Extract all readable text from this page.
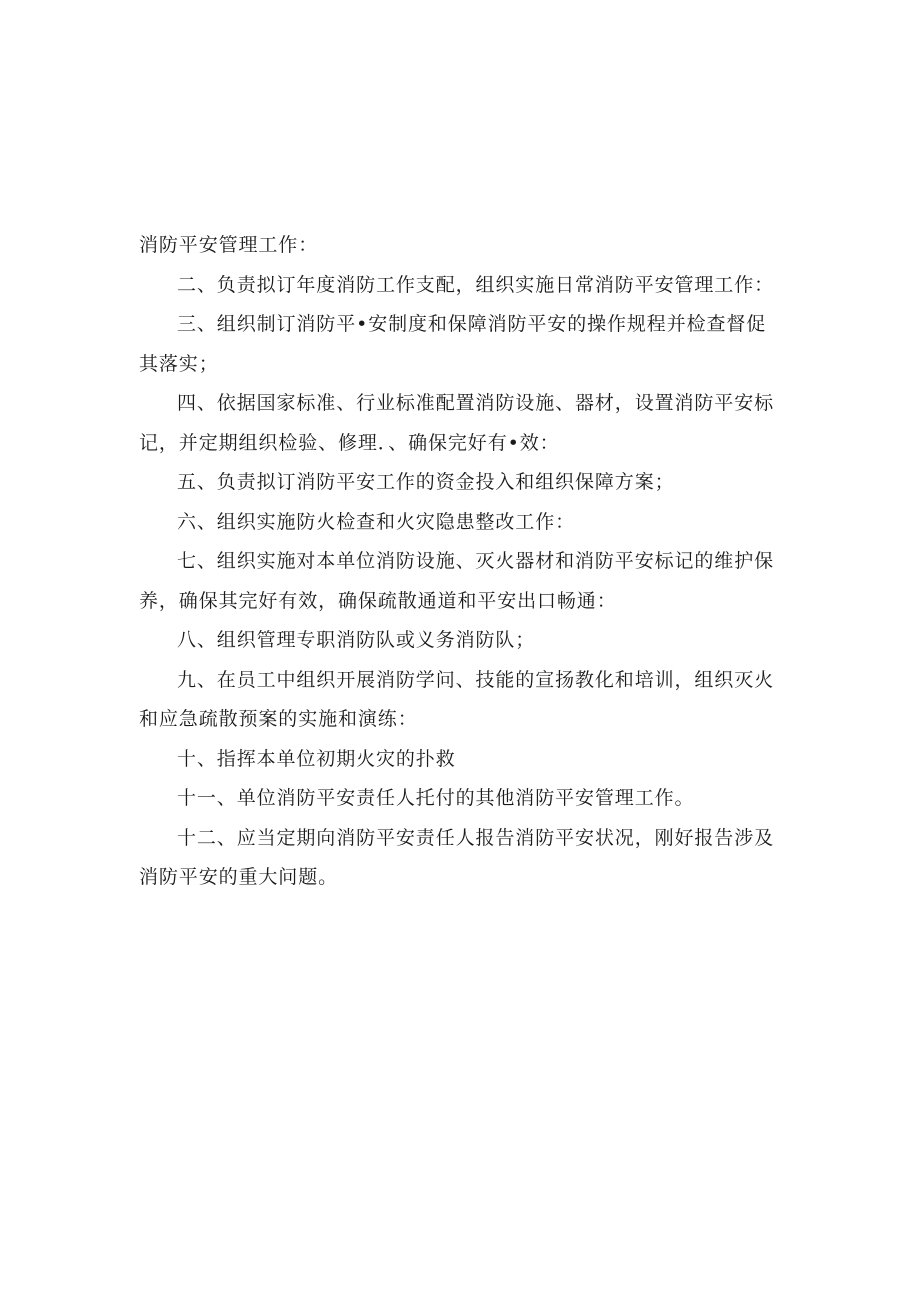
消防平安管理工作：
二、负责拟订年度消防工作支配，组织实施日常消防平安管理工作：
三、组织制订消防平•安制度和保障消防平安的操作规程并检查督促
其落实；
四、依据国家标准、行业标准配置消防设施、器材，设置消防平安标
记，并定期组织检验、修理．、确保完好有•效：
五、负责拟订消防平安工作的资金投入和组织保障方案；
六、组织实施防火检查和火灾隐患整改工作：
七、组织实施对本单位消防设施、灭火器材和消防平安标记的维护保
养，确保其完好有效，确保疏散通道和平安出口畅通：
八、组织管理专职消防队或义务消防队；
九、在员工中组织开展消防学问、技能的宣扬教化和培训，组织灭火
和应急疏散预案的实施和演练：
十、指挥本单位初期火灾的扑救
十一、单位消防平安责任人托付的其他消防平安管理工作。
十二、应当定期向消防平安责任人报告消防平安状况，刚好报告涉及
消防平安的重大问题。
